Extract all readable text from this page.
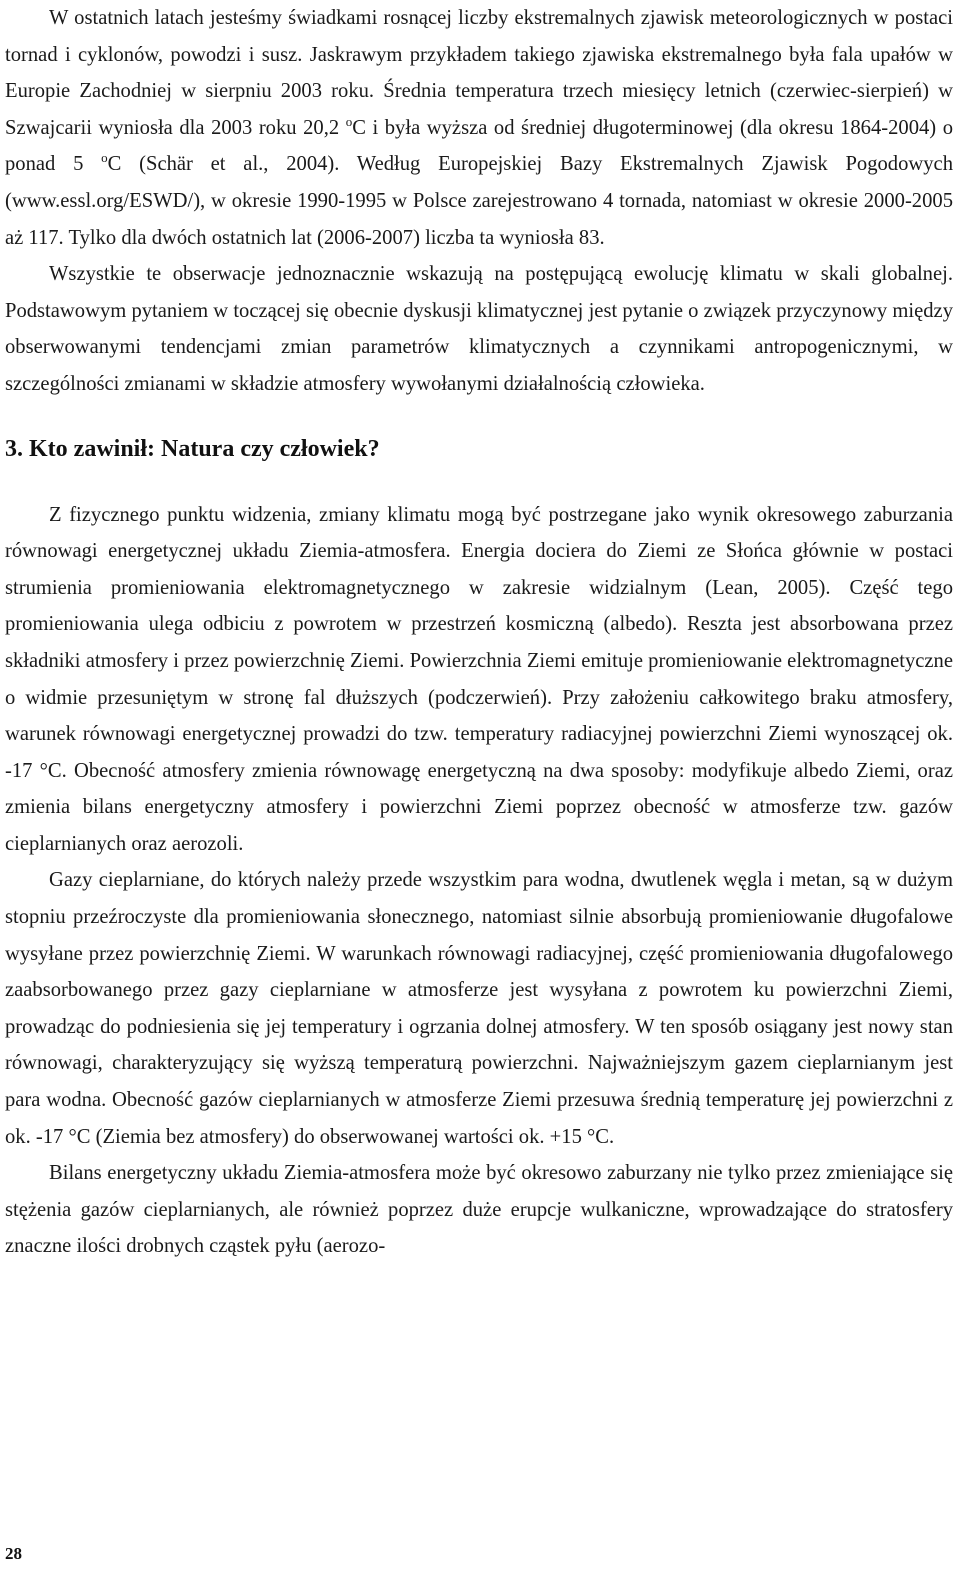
W ostatnich latach jesteśmy świadkami rosnącej liczby ekstremalnych zjawisk meteorologicznych w postaci tornad i cyklonów, powodzi i susz. Jaskrawym przykładem takiego zjawiska ekstremalnego była fala upałów w Europie Zachodniej w sierpniu 2003 roku. Średnia temperatura trzech miesięcy letnich (czerwiec-sierpień) w Szwajcarii wyniosła dla 2003 roku 20,2 $^o$C i była wyższa od średniej długoterminowej (dla okresu 1864-2004) o ponad 5 $^o$C (Schär et al., 2004). Według Europejskiej Bazy Ekstremalnych Zjawisk Pogodowych (www.essl.org/ESWD/), w okresie 1990-1995 w Polsce zarejestrowano 4 tornada, natomiast w okresie 2000-2005 aż 117. Tylko dla dwóch ostatnich lat (2006-2007) liczba ta wyniosła 83.

Wszystkie te obserwacje jednoznacznie wskazują na postępującą ewolucję klimatu w skali globalnej. Podstawowym pytaniem w toczącej się obecnie dyskusji klimatycznej jest pytanie o związek przyczynowy między obserwowanymi tendencjami zmian parametrów klimatycznych a czynnikami antropogenicznymi, w szczególności zmianami w składzie atmosfery wywołanymi działalnością człowieka.

3. Kto zawinił: Natura czy człowiek?

Z fizycznego punktu widzenia, zmiany klimatu mogą być postrzegane jako wynik okresowego zaburzania równowagi energetycznej układu Ziemia-atmosfera. Energia dociera do Ziemi ze Słońca głównie w postaci strumienia promieniowania elektromagnetycznego w zakresie widzialnym (Lean, 2005). Część tego promieniowania ulega odbiciu z powrotem w przestrzeń kosmiczną (albedo). Reszta jest absorbowana przez składniki atmosfery i przez powierzchnię Ziemi. Powierzchnia Ziemi emituje promieniowanie elektromagnetyczne o widmie przesuniętym w stronę fal dłuższych (podczerwień). Przy założeniu całkowitego braku atmosfery, warunek równowagi energetycznej prowadzi do tzw. temperatury radiacyjnej powierzchni Ziemi wynoszącej ok. -17 °C. Obecność atmosfery zmienia równowagę energetyczną na dwa sposoby: modyfikuje albedo Ziemi, oraz zmienia bilans energetyczny atmosfery i powierzchni Ziemi poprzez obecność w atmosferze tzw. gazów cieplarnianych oraz aerozoli.

Gazy cieplarniane, do których należy przede wszystkim para wodna, dwutlenek węgla i metan, są w dużym stopniu przeźroczyste dla promieniowania słonecznego, natomiast silnie absorbują promieniowanie długofalowe wysyłane przez powierzchnię Ziemi. W warunkach równowagi radiacyjnej, część promieniowania długofalowego zaabsorbowanego przez gazy cieplarniane w atmosferze jest wysyłana z powrotem ku powierzchni Ziemi, prowadząc do podniesienia się jej temperatury i ogrzania dolnej atmosfery. W ten sposób osiągany jest nowy stan równowagi, charakteryzujący się wyższą temperaturą powierzchni. Najważniejszym gazem cieplarnianym jest para wodna. Obecność gazów cieplarnianych w atmosferze Ziemi przesuwa średnią temperaturę jej powierzchni z ok. -17 °C (Ziemia bez atmosfery) do obserwowanej wartości ok. +15 °C.

Bilans energetyczny układu Ziemia-atmosfera może być okresowo zaburzany nie tylko przez zmieniające się stężenia gazów cieplarnianych, ale również poprzez duże erupcje wulkaniczne, wprowadzające do stratosfery znaczne ilości drobnych cząstek pyłu (aerozo-

28
